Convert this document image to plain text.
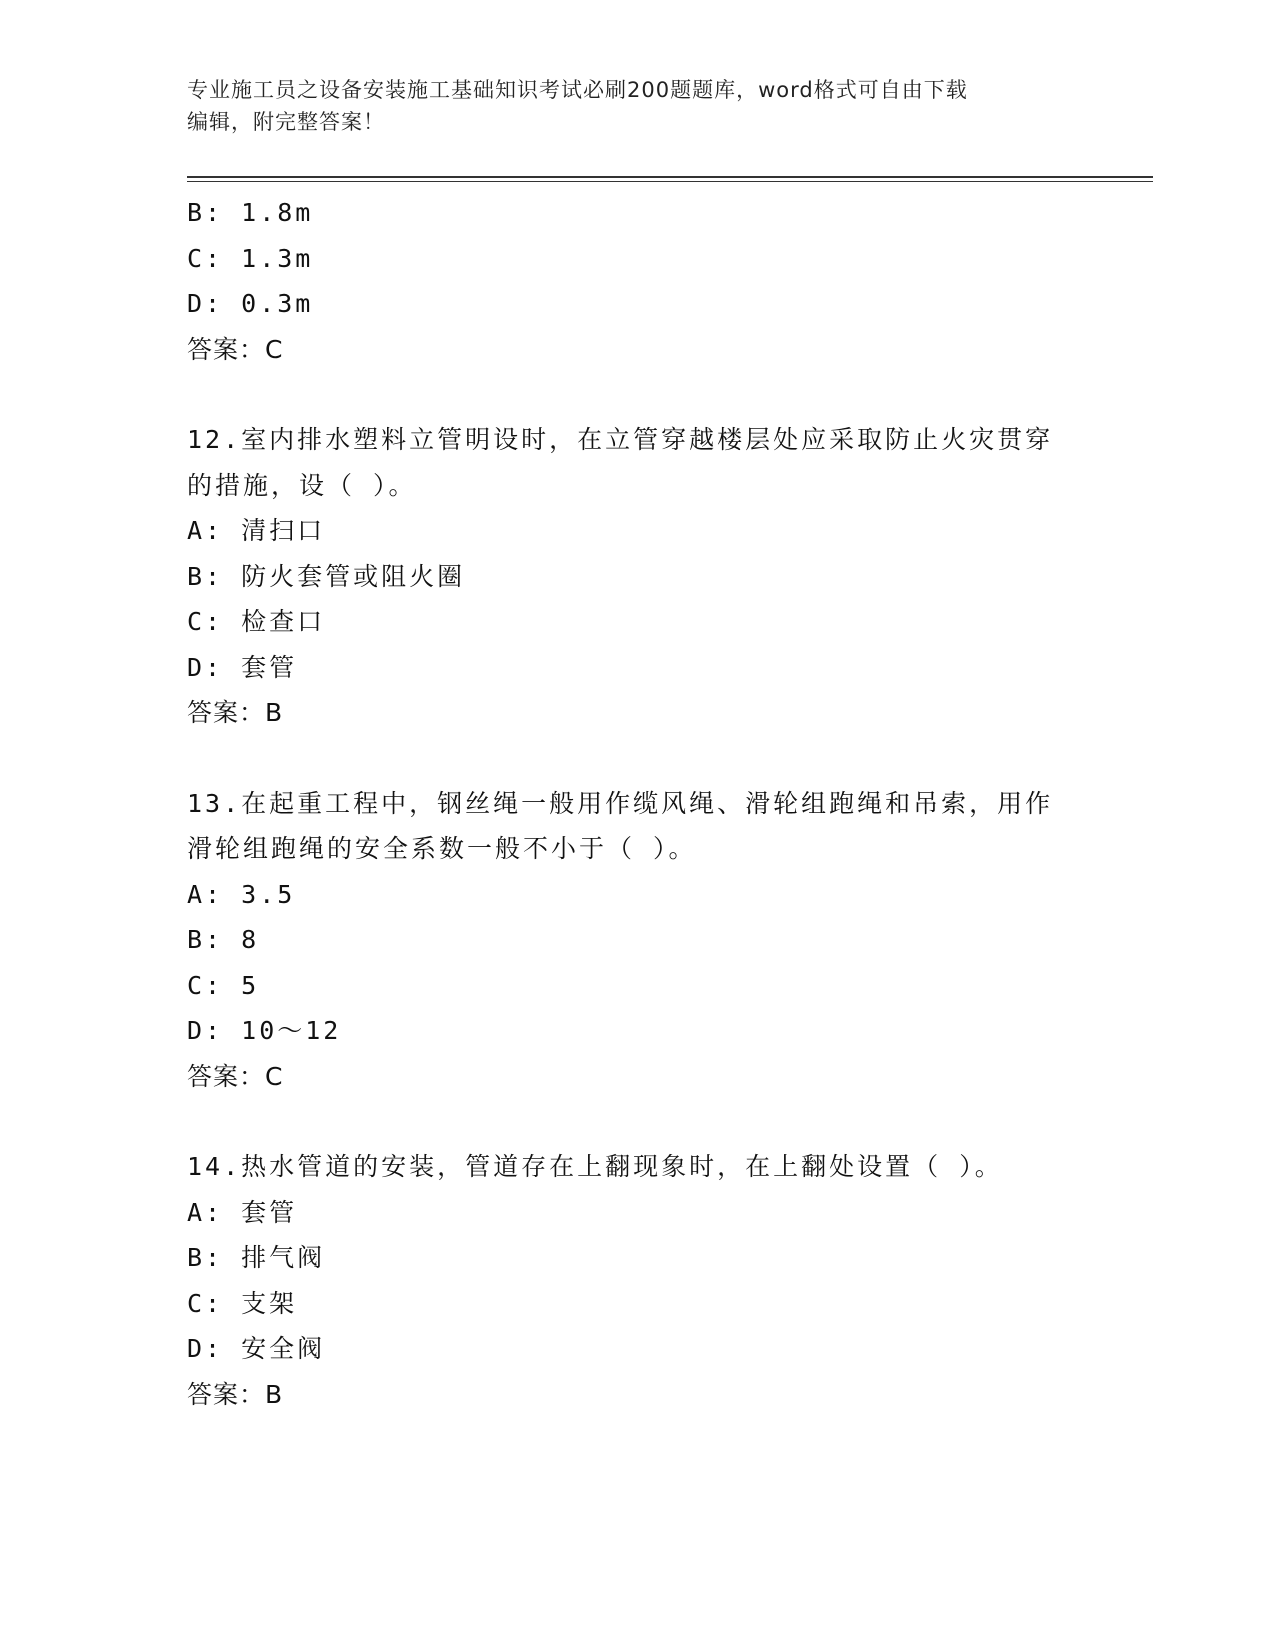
专业施工员之设备安装施工基础知识考试必刷200题题库，word格式可自由下载
编辑，附完整答案！
B: 1.8m
C: 1.3m
D: 0.3m
答案：C
12.室内排水塑料立管明设时，在立管穿越楼层处应采取防止火灾贯穿
的措施，设（ ）。
A: 清扫口
B: 防火套管或阻火圈
C: 检查口
D: 套管
答案：B
13.在起重工程中，钢丝绳一般用作缆风绳、滑轮组跑绳和吊索，用作
滑轮组跑绳的安全系数一般不小于（ ）。
A: 3.5
B: 8
C: 5
D: 10～12
答案：C
14.热水管道的安装，管道存在上翻现象时，在上翻处设置（ ）。
A: 套管
B: 排气阀
C: 支架
D: 安全阀
答案：B
